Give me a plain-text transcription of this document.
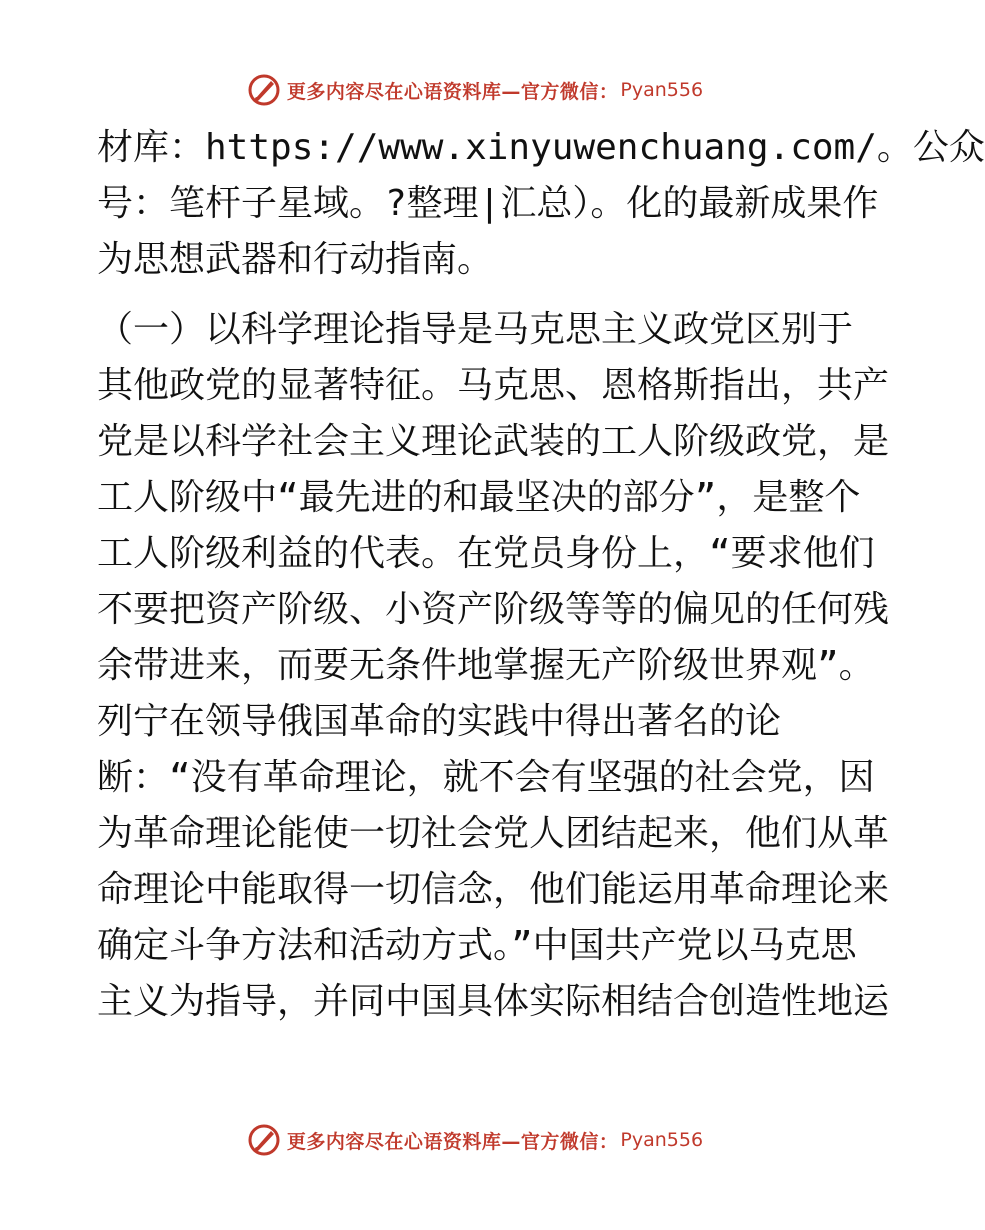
更多内容尽在心语资料库—官方微信： Pyan556
材库：https://www.xinyuwenchuang.com/。公众
号：笔杆子星域。?整理|汇总）。化的最新成果作
为思想武器和行动指南。
（一）以科学理论指导是马克思主义政党区别于
其他政党的显著特征。马克思、恩格斯指出，共产
党是以科学社会主义理论武装的工人阶级政党，是
工人阶级中“最先进的和最坚决的部分”，是整个
工人阶级利益的代表。在党员身份上，“要求他们
不要把资产阶级、小资产阶级等等的偏见的任何残
余带进来，而要无条件地掌握无产阶级世界观”。
列宁在领导俄国革命的实践中得出著名的论
断：“没有革命理论，就不会有坚强的社会党，因
为革命理论能使一切社会党人团结起来，他们从革
命理论中能取得一切信念，他们能运用革命理论来
确定斗争方法和活动方式。”中国共产党以马克思
主义为指导，并同中国具体实际相结合创造性地运
更多内容尽在心语资料库—官方微信： Pyan556
